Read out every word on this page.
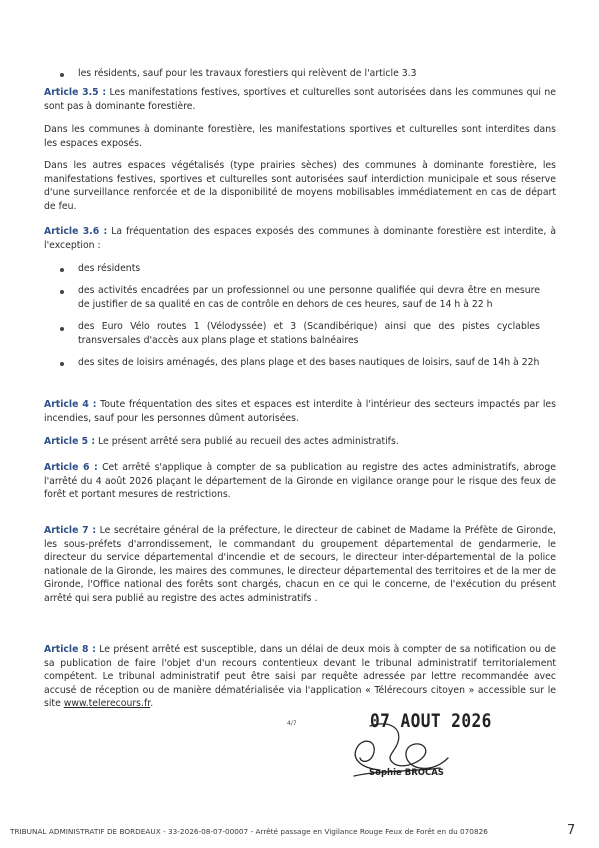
les résidents, sauf pour les travaux forestiers qui relèvent de l'article 3.3

Article 3.5 : Les manifestations festives, sportives et culturelles sont autorisées dans les communes qui ne sont pas à dominante forestière.

Dans les communes à dominante forestière, les manifestations sportives et culturelles sont interdites dans les espaces exposés.

Dans les autres espaces végétalisés (type prairies sèches) des communes à dominante forestière, les manifestations festives, sportives et culturelles sont autorisées sauf interdiction municipale et sous réserve d'une surveillance renforcée et de la disponibilité de moyens mobilisables immédiatement en cas de départ de feu.

Article 3.6 : La fréquentation des espaces exposés des communes à dominante forestière est interdite, à l'exception :

des résidents

des activités encadrées par un professionnel ou une personne qualifiée qui devra être en mesure de justifier de sa qualité en cas de contrôle en dehors de ces heures, sauf de 14 h à 22 h

des Euro Vélo routes 1 (Vélodyssée) et 3 (Scandibérique) ainsi que des pistes cyclables transversales d'accès aux plans plage et stations balnéaires

des sites de loisirs aménagés, des plans plage et des bases nautiques de loisirs, sauf de 14h à 22h

Article 4 : Toute fréquentation des sites et espaces est interdite à l'intérieur des secteurs impactés par les incendies, sauf pour les personnes dûment autorisées.

Article 5 : Le présent arrêté sera publié au recueil des actes administratifs.

Article 6 : Cet arrêté s'applique à compter de sa publication au registre des actes administratifs, abroge l'arrêté du 4 août 2026 plaçant le département de la Gironde en vigilance orange pour le risque des feux de forêt et portant mesures de restrictions.

Article 7 : Le secrétaire général de la préfecture, le directeur de cabinet de Madame la Préfète de Gironde, les sous-préfets d'arrondissement, le commandant du groupement départemental de gendarmerie, le directeur du service départemental d'incendie et de secours, le directeur inter-départemental de la police nationale de la Gironde, les maires des communes, le directeur départemental des territoires et de la mer de Gironde, l'Office national des forêts sont chargés, chacun en ce qui le concerne, de l'exécution du présent arrêté qui sera publié au registre des actes administratifs .

Article 8 : Le présent arrêté est susceptible, dans un délai de deux mois à compter de sa notification ou de sa publication de faire l'objet d'un recours contentieux devant le tribunal administratif territorialement compétent. Le tribunal administratif peut être saisi par requête adressée par lettre recommandée avec accusé de réception ou de manière dématérialisée via l'application « Télérecours citoyen » accessible sur le site www.telerecours.fr.

4/7	07 AOUT 2026
Sophie BROCAS
TRIBUNAL ADMINISTRATIF DE BORDEAUX - 33-2026-08-07-00007 - Arrêté passage en Vigilance Rouge Feux de Forêt en du 070826	7
